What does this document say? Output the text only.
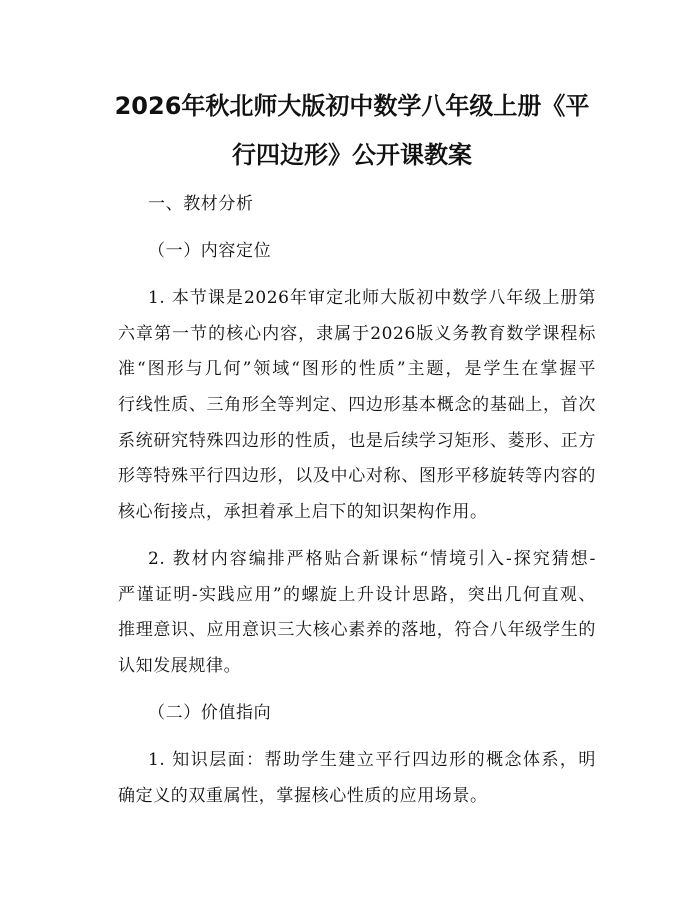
2026年秋北师大版初中数学八年级上册《平
行四边形》公开课教案
一、教材分析
（一）内容定位
1. 本节课是2026年审定北师大版初中数学八年级上册第
六章第一节的核心内容，隶属于2026版义务教育数学课程标
准“图形与几何”领域“图形的性质”主题，是学生在掌握平
行线性质、三角形全等判定、四边形基本概念的基础上，首次
系统研究特殊四边形的性质，也是后续学习矩形、菱形、正方
形等特殊平行四边形，以及中心对称、图形平移旋转等内容的
核心衔接点，承担着承上启下的知识架构作用。
2. 教材内容编排严格贴合新课标“情境引入-探究猜想-
严谨证明-实践应用”的螺旋上升设计思路，突出几何直观、
推理意识、应用意识三大核心素养的落地，符合八年级学生的
认知发展规律。
（二）价值指向
1. 知识层面：帮助学生建立平行四边形的概念体系，明
确定义的双重属性，掌握核心性质的应用场景。
